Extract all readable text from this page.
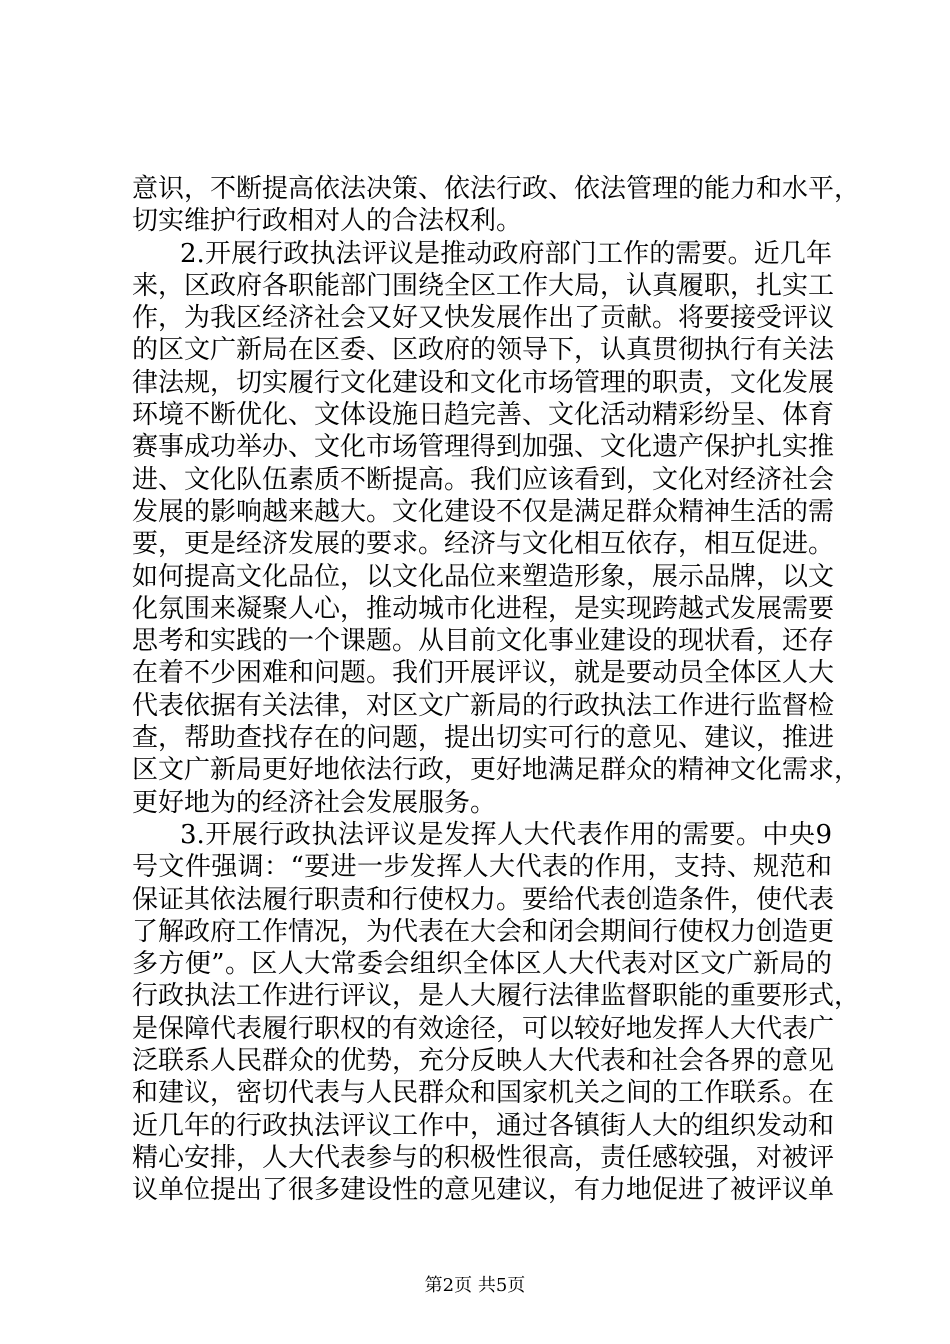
意识，不断提高依法决策、依法行政、依法管理的能力和水平，
切实维护行政相对人的合法权利。
2.开展行政执法评议是推动政府部门工作的需要。近几年
来，区政府各职能部门围绕全区工作大局，认真履职，扎实工
作，为我区经济社会又好又快发展作出了贡献。将要接受评议
的区文广新局在区委、区政府的领导下，认真贯彻执行有关法
律法规，切实履行文化建设和文化市场管理的职责，文化发展
环境不断优化、文体设施日趋完善、文化活动精彩纷呈、体育
赛事成功举办、文化市场管理得到加强、文化遗产保护扎实推
进、文化队伍素质不断提高。我们应该看到，文化对经济社会
发展的影响越来越大。文化建设不仅是满足群众精神生活的需
要，更是经济发展的要求。经济与文化相互依存，相互促进。
如何提高文化品位，以文化品位来塑造形象，展示品牌，以文
化氛围来凝聚人心，推动城市化进程，是实现跨越式发展需要
思考和实践的一个课题。从目前文化事业建设的现状看，还存
在着不少困难和问题。我们开展评议，就是要动员全体区人大
代表依据有关法律，对区文广新局的行政执法工作进行监督检
查，帮助查找存在的问题，提出切实可行的意见、建议，推进
区文广新局更好地依法行政，更好地满足群众的精神文化需求，
更好地为的经济社会发展服务。
3.开展行政执法评议是发挥人大代表作用的需要。中央9
号文件强调：“要进一步发挥人大代表的作用，支持、规范和
保证其依法履行职责和行使权力。要给代表创造条件，使代表
了解政府工作情况，为代表在大会和闭会期间行使权力创造更
多方便”。区人大常委会组织全体区人大代表对区文广新局的
行政执法工作进行评议，是人大履行法律监督职能的重要形式，
是保障代表履行职权的有效途径，可以较好地发挥人大代表广
泛联系人民群众的优势，充分反映人大代表和社会各界的意见
和建议，密切代表与人民群众和国家机关之间的工作联系。在
近几年的行政执法评议工作中，通过各镇街人大的组织发动和
精心安排，人大代表参与的积极性很高，责任感较强，对被评
议单位提出了很多建设性的意见建议，有力地促进了被评议单
第2页 共5页
